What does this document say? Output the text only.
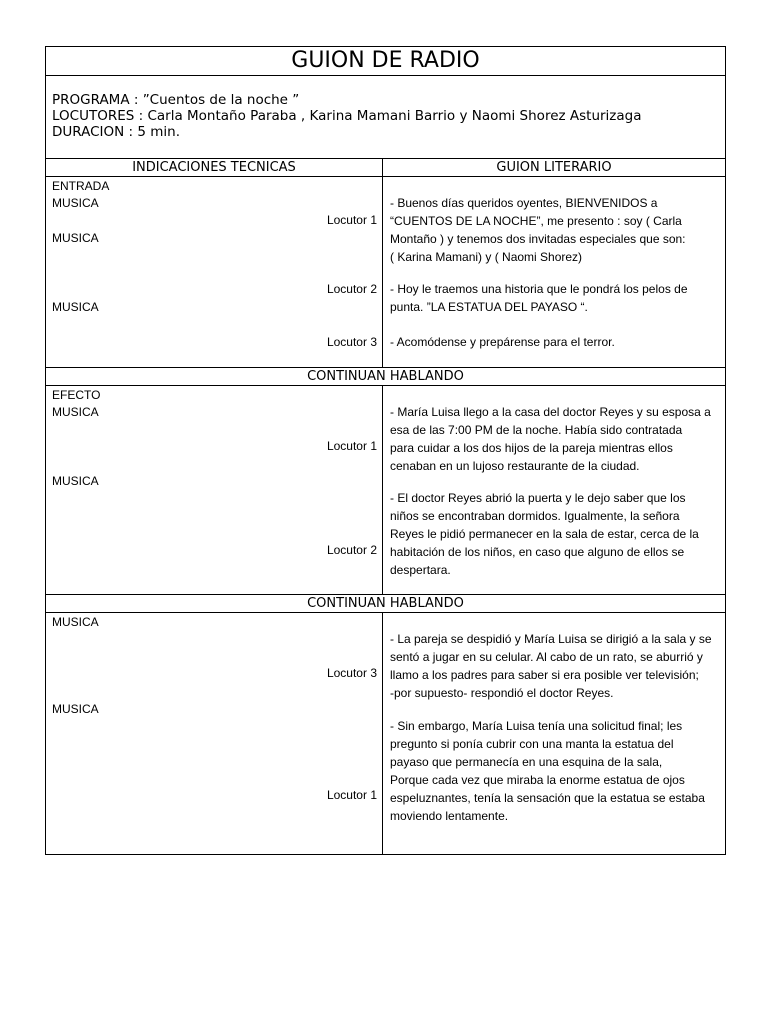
GUION DE RADIO
PROGRAMA : ”Cuentos de la noche ”
LOCUTORES : Carla Montaño Paraba , Karina Mamani Barrio y Naomi Shorez Asturizaga
DURACION : 5 min.
INDICACIONES TECNICAS	GUION LITERARIO
ENTRADA
MUSICA
MUSICA
MUSICA
Locutor 1
Locutor 2
Locutor 3
- Buenos días queridos oyentes, BIENVENIDOS a
“CUENTOS DE LA NOCHE”, me presento : soy ( Carla
Montaño ) y tenemos dos invitadas especiales que son:
( Karina Mamani) y ( Naomi Shorez)
- Hoy le traemos una historia que le pondrá los pelos de
punta. ”LA ESTATUA DEL PAYASO “.
- Acomódense y prepárense para el terror.
CONTINUAN HABLANDO
EFECTO
MUSICA
MUSICA
Locutor 1
Locutor 2
- María Luisa llego a la casa del doctor Reyes y su esposa a
esa de las 7:00 PM de la noche. Había sido contratada
para cuidar a los dos hijos de la pareja mientras ellos
cenaban en un lujoso restaurante de la ciudad.
- El doctor Reyes abrió la puerta y le dejo saber que los
niños se encontraban dormidos. Igualmente, la señora
Reyes le pidió permanecer en la sala de estar, cerca de la
habitación de los niños, en caso que alguno de ellos se
despertara.
CONTINUAN HABLANDO
MUSICA
MUSICA
Locutor 3
Locutor 1
- La pareja se despidió y María Luisa se dirigió a la sala y se
sentó a jugar en su celular. Al cabo de un rato, se aburrió y
llamo a los padres para saber si era posible ver televisión;
-por supuesto- respondió el doctor Reyes.
- Sin embargo, María Luisa tenía una solicitud final; les
pregunto si ponía cubrir con una manta la estatua del
payaso que permanecía en una esquina de la sala,
Porque cada vez que miraba la enorme estatua de ojos
espeluznantes, tenía la sensación que la estatua se estaba
moviendo lentamente.
